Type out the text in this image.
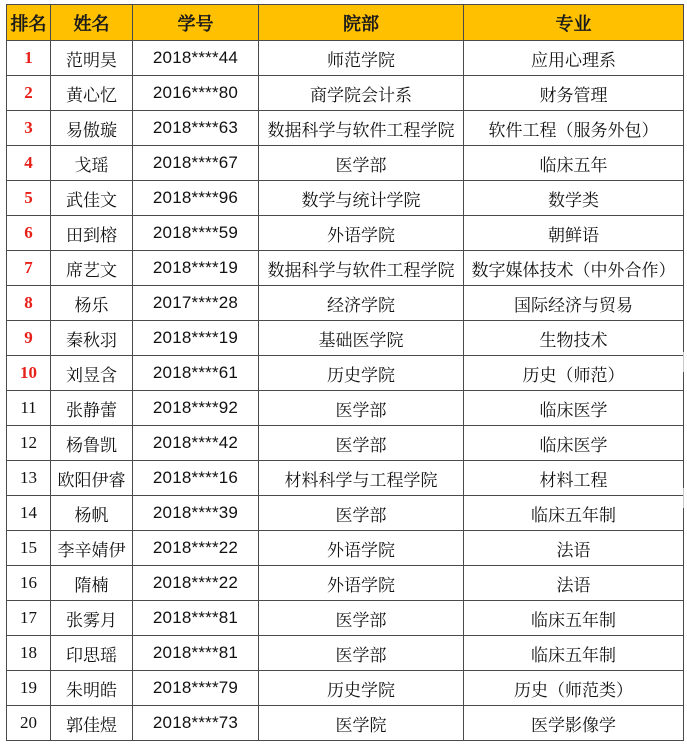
排名	姓名	学号	院部	专业
1	范明昊	2018****44	师范学院	应用心理系
2	黄心忆	2016****80	商学院会计系	财务管理
3	易傲璇	2018****63	数据科学与软件工程学院	软件工程（服务外包）
4	戈瑶	2018****67	医学部	临床五年
5	武佳文	2018****96	数学与统计学院	数学类
6	田到榕	2018****59	外语学院	朝鲜语
7	席艺文	2018****19	数据科学与软件工程学院	数字媒体技术（中外合作）
8	杨乐	2017****28	经济学院	国际经济与贸易
9	秦秋羽	2018****19	基础医学院	生物技术
10	刘昱含	2018****61	历史学院	历史（师范）
11	张静蕾	2018****92	医学部	临床医学
12	杨鲁凯	2018****42	医学部	临床医学
13	欧阳伊睿	2018****16	材料科学与工程学院	材料工程
14	杨帆	2018****39	医学部	临床五年制
15	李辛婧伊	2018****22	外语学院	法语
16	隋楠	2018****22	外语学院	法语
17	张雾月	2018****81	医学部	临床五年制
18	印思瑶	2018****81	医学部	临床五年制
19	朱明皓	2018****79	历史学院	历史（师范类）
20	郭佳煜	2018****73	医学院	医学影像学
